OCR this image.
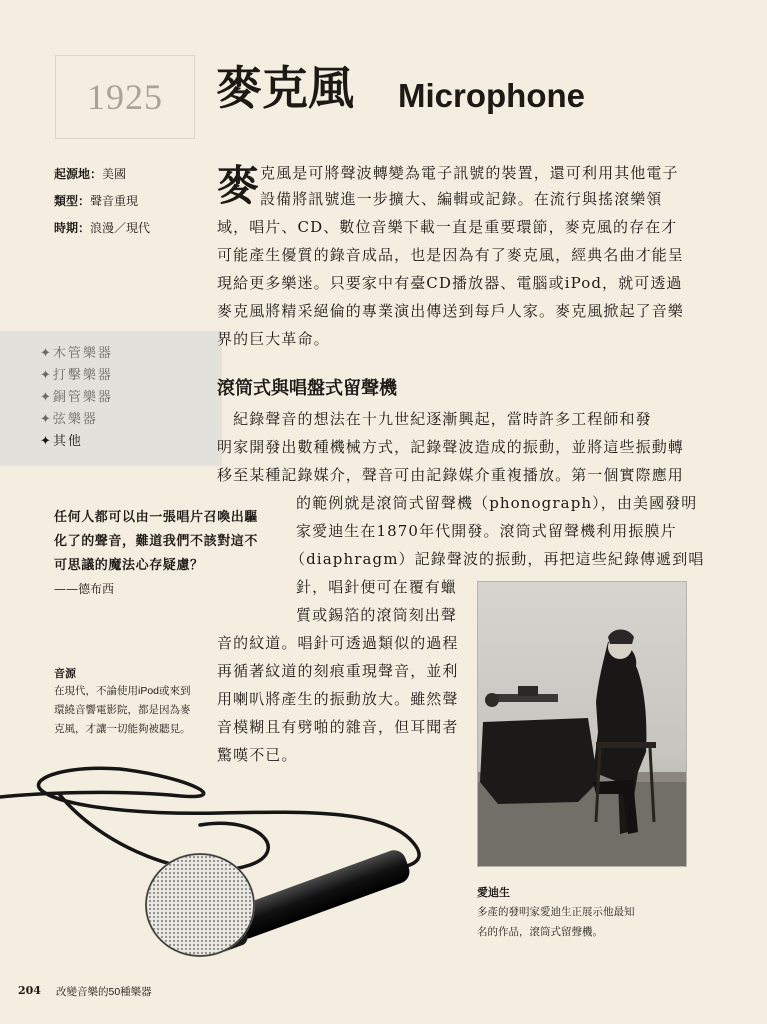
1925 麥克風 Microphone
起源地：美國
類型：聲音重現
時期：浪漫／現代
✦木管樂器
✦打擊樂器
✦銅管樂器
✦弦樂器
✦其他
麥 克風是可將聲波轉變為電子訊號的裝置，還可利用其他電子
設備將訊號進一步擴大、編輯或記錄。在流行與搖滾樂領
域，唱片、CD、數位音樂下載一直是重要環節，麥克風的存在才
可能產生優質的錄音成品，也是因為有了麥克風，經典名曲才能呈
現給更多樂迷。只要家中有臺CD播放器、電腦或iPod，就可透過
麥克風將精采絕倫的專業演出傳送到每戶人家。麥克風掀起了音樂
界的巨大革命。
滾筒式與唱盤式留聲機
　紀錄聲音的想法在十九世紀逐漸興起，當時許多工程師和發
明家開發出數種機械方式，記錄聲波造成的振動，並將這些振動轉
移至某種記錄媒介，聲音可由記錄媒介重複播放。第一個實際應用
的範例就是滾筒式留聲機（phonograph），由美國發明
家愛迪生在1870年代開發。滾筒式留聲機利用振膜片
（diaphragm）記錄聲波的振動，再把這些紀錄傳遞到唱
針，唱針便可在覆有蠟
質或錫箔的滾筒刻出聲
音的紋道。唱針可透過類似的過程
再循著紋道的刻痕重現聲音，並利
用喇叭將產生的振動放大。雖然聲
音模糊且有劈啪的雜音，但耳聞者
驚嘆不已。
任何人都可以由一張唱片召喚出驅
化了的聲音，難道我們不該對這不
可思議的魔法心存疑慮？
——德布西
音源
在現代，不論使用iPod或來到
環繞音響電影院，都是因為麥
克風，才讓一切能夠被聽見。
愛迪生
多產的發明家愛迪生正展示他最知
名的作品，滾筒式留聲機。
204 改變音樂的50種樂器
